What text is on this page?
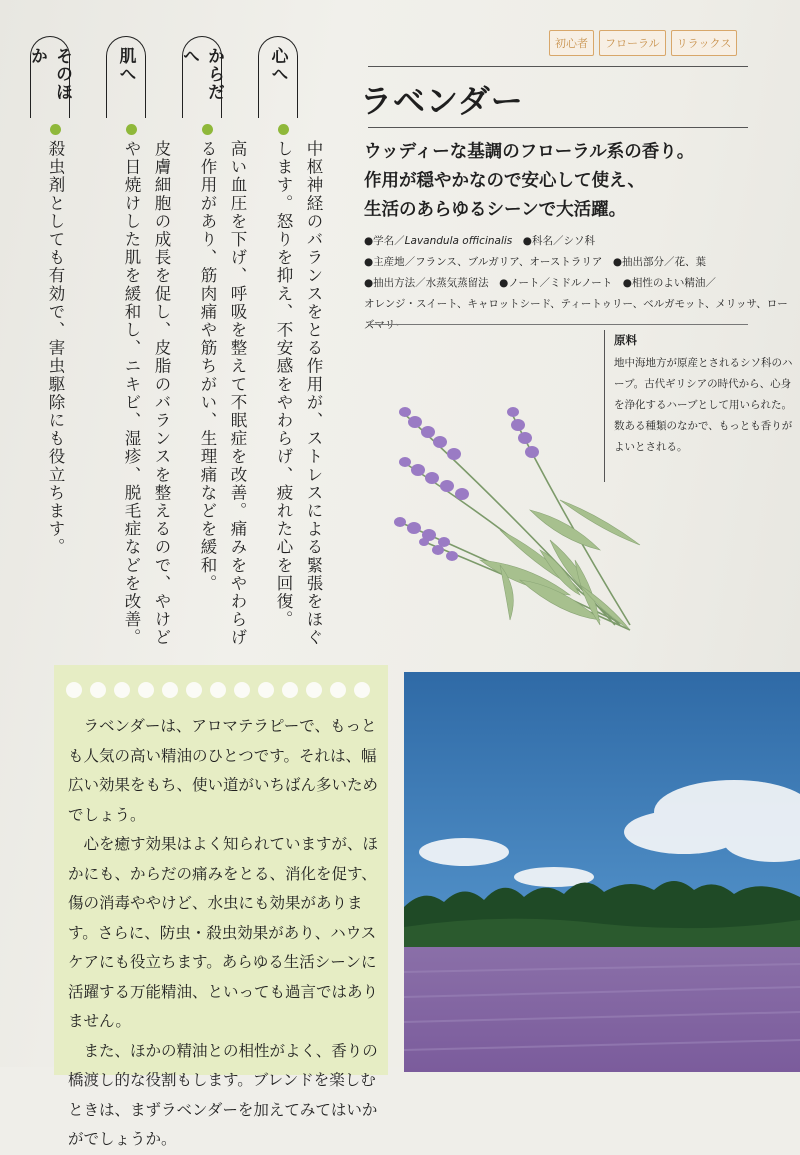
心へ
中枢神経のバランスをとる作用が、ストレスによる緊張をほぐします。怒りを抑え、不安感をやわらげ、疲れた心を回復。
からだへ
高い血圧を下げ、呼吸を整えて不眠症を改善。痛みをやわらげる作用があり、筋肉痛や筋ちがい、生理痛などを緩和。
肌へ
皮膚細胞の成長を促し、皮脂のバランスを整えるので、やけどや日焼けした肌を緩和し、ニキビ、湿疹、脱毛症などを改善。
そのほか
殺虫剤としても有効で、害虫駆除にも役立ちます。
初心者	フローラル	リラックス
ラベンダー
ウッディーな基調のフローラル系の香り。
作用が穏やかなので安心して使え、
生活のあらゆるシーンで大活躍。
●学名／Lavandula officinalis　●科名／シソ科
●主産地／フランス、ブルガリア、オーストラリア　●抽出部分／花、葉
●抽出方法／水蒸気蒸留法　●ノート／ミドルノート　●相性のよい精油／
オレンジ・スイート、キャロットシード、ティートゥリー、ベルガモット、メリッサ、ローズマリー
原料
地中海地方が原産とされるシソ科のハーブ。古代ギリシアの時代から、心身を浄化するハーブとして用いられた。数ある種類のなかで、もっとも香りがよいとされる。

ラベンダーは、アロマテラピーで、もっとも人気の高い精油のひとつです。それは、幅広い効果をもち、使い道がいちばん多いためでしょう。

心を癒す効果はよく知られていますが、ほかにも、からだの痛みをとる、消化を促す、傷の消毒ややけど、水虫にも効果があります。さらに、防虫・殺虫効果があり、ハウスケアにも役立ちます。あらゆる生活シーンに活躍する万能精油、といっても過言ではありません。

また、ほかの精油との相性がよく、香りの橋渡し的な役割もします。ブレンドを楽しむときは、まずラベンダーを加えてみてはいかがでしょうか。
